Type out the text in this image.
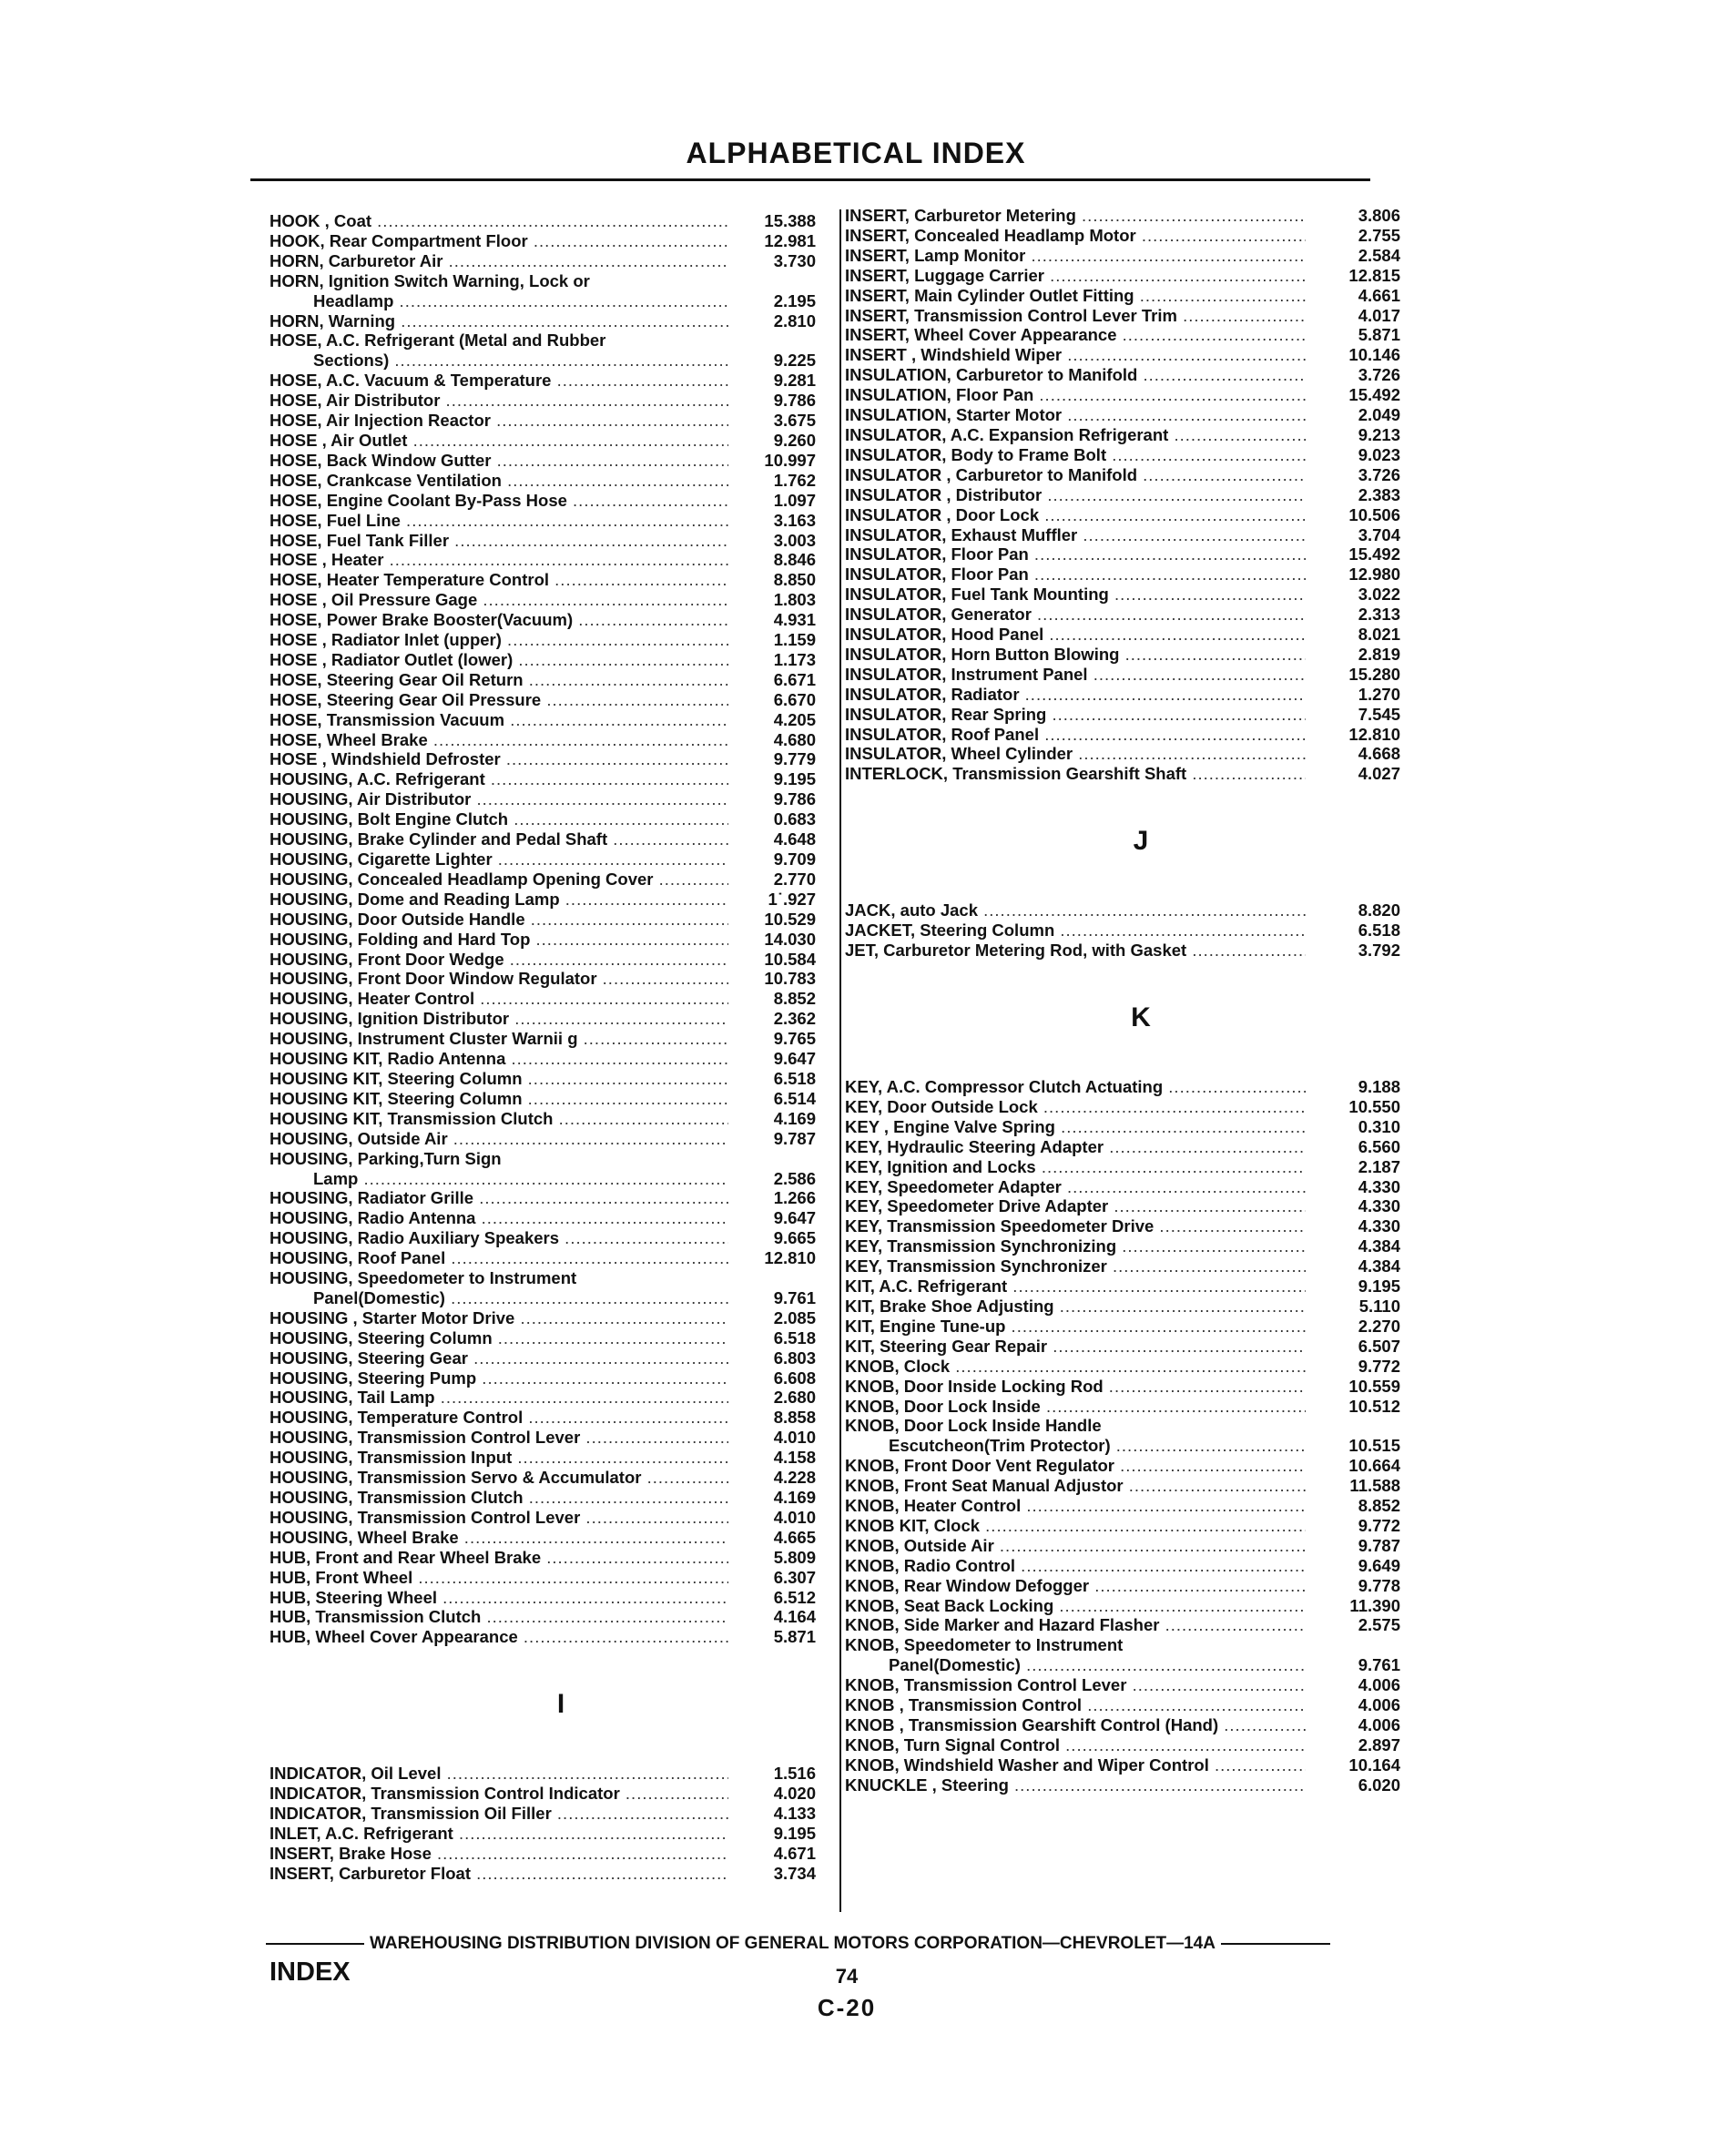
ALPHABETICAL INDEX
HOOK , Coat .....	15.388
HOOK, Rear Compartment Floor .....	12.981
HORN, Carburetor Air .....	3.730
HORN, Ignition Switch Warning, Lock or
Headlamp .....	2.195
HORN, Warning .....	2.810
HOSE, A.C. Refrigerant (Metal and Rubber
Sections) .....	9.225
HOSE, A.C. Vacuum & Temperature .....	9.281
HOSE, Air Distributor .....	9.786
HOSE, Air Injection Reactor .....	3.675
HOSE , Air Outlet .....	9.260
HOSE, Back Window Gutter .....	10.997
HOSE, Crankcase Ventilation .....	1.762
HOSE, Engine Coolant By-Pass Hose .....	1.097
HOSE, Fuel Line .....	3.163
HOSE, Fuel Tank Filler .....	3.003
HOSE , Heater .....	8.846
HOSE, Heater Temperature Control .....	8.850
HOSE , Oil Pressure Gage .....	1.803
HOSE, Power Brake Booster(Vacuum) .....	4.931
HOSE , Radiator Inlet (upper) .....	1.159
HOSE , Radiator Outlet (lower) .....	1.173
HOSE, Steering Gear Oil Return .....	6.671
HOSE, Steering Gear Oil Pressure .....	6.670
HOSE, Transmission Vacuum .....	4.205
HOSE, Wheel Brake .....	4.680
HOSE , Windshield Defroster .....	9.779
HOUSING, A.C. Refrigerant .....	9.195
HOUSING, Air Distributor .....	9.786
HOUSING, Bolt Engine Clutch .....	0.683
HOUSING, Brake Cylinder and Pedal Shaft .....	4.648
HOUSING, Cigarette Lighter .....	9.709
HOUSING, Concealed Headlamp Opening Cover .....	2.770
HOUSING, Dome and Reading Lamp .....	1˙.927
HOUSING, Door Outside Handle .....	10.529
HOUSING, Folding and Hard Top .....	14.030
HOUSING, Front Door Wedge .....	10.584
HOUSING, Front Door Window Regulator .....	10.783
HOUSING, Heater Control .....	8.852
HOUSING, Ignition Distributor .....	2.362
HOUSING, Instrument Cluster Warnii g .....	9.765
HOUSING KIT, Radio Antenna .....	9.647
HOUSING KIT, Steering Column .....	6.518
HOUSING KIT, Steering Column .....	6.514
HOUSING KIT, Transmission Clutch .....	4.169
HOUSING, Outside Air .....	9.787
HOUSING, Parking,Turn Sign
Lamp .....	2.586
HOUSING, Radiator Grille .....	1.266
HOUSING, Radio Antenna .....	9.647
HOUSING, Radio Auxiliary Speakers .....	9.665
HOUSING, Roof Panel .....	12.810
HOUSING, Speedometer to Instrument
Panel(Domestic) .....	9.761
HOUSING , Starter Motor Drive .....	2.085
HOUSING, Steering Column .....	6.518
HOUSING, Steering Gear .....	6.803
HOUSING, Steering Pump .....	6.608
HOUSING, Tail Lamp .....	2.680
HOUSING, Temperature Control .....	8.858
HOUSING, Transmission Control Lever .....	4.010
HOUSING, Transmission Input .....	4.158
HOUSING, Transmission Servo & Accumulator .....	4.228
HOUSING, Transmission Clutch .....	4.169
HOUSING, Transmission Control Lever .....	4.010
HOUSING, Wheel Brake .....	4.665
HUB, Front and Rear Wheel Brake .....	5.809
HUB, Front Wheel .....	6.307
HUB, Steering Wheel .....	6.512
HUB, Transmission Clutch .....	4.164
HUB, Wheel Cover Appearance .....	5.871
I
INDICATOR, Oil Level .....	1.516
INDICATOR, Transmission Control Indicator .....	4.020
INDICATOR, Transmission Oil Filler .....	4.133
INLET, A.C. Refrigerant .....	9.195
INSERT, Brake Hose .....	4.671
INSERT, Carburetor Float .....	3.734
INSERT, Carburetor Metering .....	3.806
INSERT, Concealed Headlamp Motor .....	2.755
INSERT, Lamp Monitor .....	2.584
INSERT, Luggage Carrier .....	12.815
INSERT, Main Cylinder Outlet Fitting .....	4.661
INSERT, Transmission Control Lever Trim .....	4.017
INSERT, Wheel Cover Appearance .....	5.871
INSERT , Windshield Wiper .....	10.146
INSULATION, Carburetor to Manifold .....	3.726
INSULATION, Floor Pan .....	15.492
INSULATION, Starter Motor .....	2.049
INSULATOR, A.C. Expansion Refrigerant .....	9.213
INSULATOR, Body to Frame Bolt .....	9.023
INSULATOR , Carburetor to Manifold .....	3.726
INSULATOR , Distributor .....	2.383
INSULATOR , Door Lock .....	10.506
INSULATOR, Exhaust Muffler .....	3.704
INSULATOR, Floor Pan .....	15.492
INSULATOR, Floor Pan .....	12.980
INSULATOR, Fuel Tank Mounting .....	3.022
INSULATOR, Generator .....	2.313
INSULATOR, Hood Panel .....	8.021
INSULATOR, Horn Button Blowing .....	2.819
INSULATOR, Instrument Panel .....	15.280
INSULATOR, Radiator .....	1.270
INSULATOR, Rear Spring .....	7.545
INSULATOR, Roof Panel .....	12.810
INSULATOR, Wheel Cylinder .....	4.668
INTERLOCK, Transmission Gearshift Shaft .....	4.027
J
JACK, auto Jack .....	8.820
JACKET, Steering Column .....	6.518
JET, Carburetor Metering Rod, with Gasket .....	3.792
K
KEY, A.C. Compressor Clutch Actuating .....	9.188
KEY, Door Outside Lock .....	10.550
KEY , Engine Valve Spring .....	0.310
KEY, Hydraulic Steering Adapter .....	6.560
KEY, Ignition and Locks .....	2.187
KEY, Speedometer Adapter .....	4.330
KEY, Speedometer Drive Adapter .....	4.330
KEY, Transmission Speedometer Drive .....	4.330
KEY, Transmission Synchronizing .....	4.384
KEY, Transmission Synchronizer .....	4.384
KIT, A.C. Refrigerant .....	9.195
KIT, Brake Shoe Adjusting .....	5.110
KIT, Engine Tune-up .....	2.270
KIT, Steering Gear Repair .....	6.507
KNOB, Clock .....	9.772
KNOB, Door Inside Locking Rod .....	10.559
KNOB, Door Lock Inside .....	10.512
KNOB, Door Lock Inside Handle
Escutcheon(Trim Protector) .....	10.515
KNOB, Front Door Vent Regulator .....	10.664
KNOB, Front Seat Manual Adjustor .....	11.588
KNOB, Heater Control .....	8.852
KNOB KIT, Clock .....	9.772
KNOB, Outside Air .....	9.787
KNOB, Radio Control .....	9.649
KNOB, Rear Window Defogger .....	9.778
KNOB, Seat Back Locking .....	11.390
KNOB, Side Marker and Hazard Flasher .....	2.575
KNOB, Speedometer to Instrument
Panel(Domestic) .....	9.761
KNOB, Transmission Control Lever .....	4.006
KNOB , Transmission Control .....	4.006
KNOB , Transmission Gearshift Control (Hand) .....	4.006
KNOB, Turn Signal Control .....	2.897
KNOB, Windshield Washer and Wiper Control .....	10.164
KNUCKLE , Steering .....	6.020
WAREHOUSING DISTRIBUTION DIVISION OF GENERAL MOTORS CORPORATION—CHEVROLET—14A
INDEX	74
C-20
